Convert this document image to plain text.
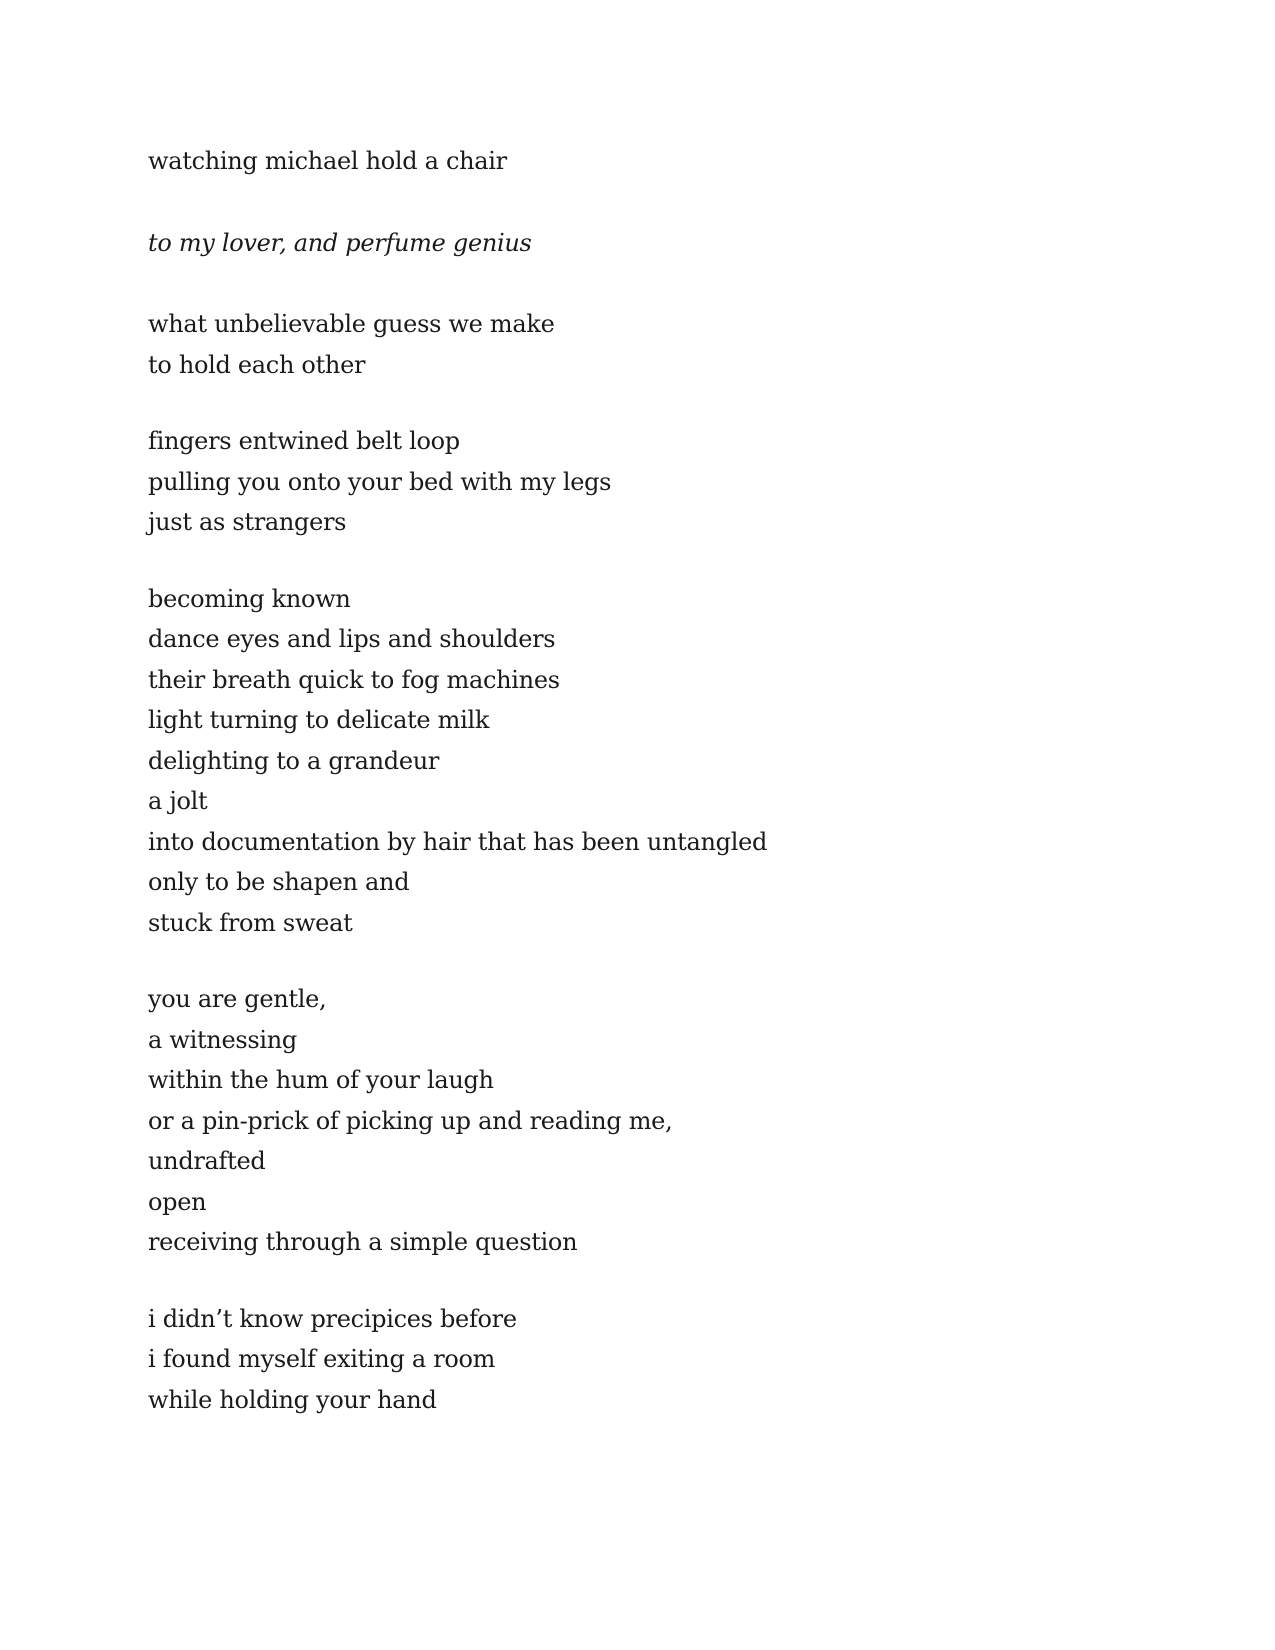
watching michael hold a chair
to my lover, and perfume genius
what unbelievable guess we make
to hold each other
fingers entwined belt loop
pulling you onto your bed with my legs
just as strangers
becoming known
dance eyes and lips and shoulders
their breath quick to fog machines
light turning to delicate milk
delighting to a grandeur
a jolt
into documentation by hair that has been untangled
only to be shapen and
stuck from sweat
you are gentle,
a witnessing
within the hum of your laugh
or a pin-prick of picking up and reading me,
undrafted
open
receiving through a simple question
i didn’t know precipices before
i found myself exiting a room
while holding your hand
